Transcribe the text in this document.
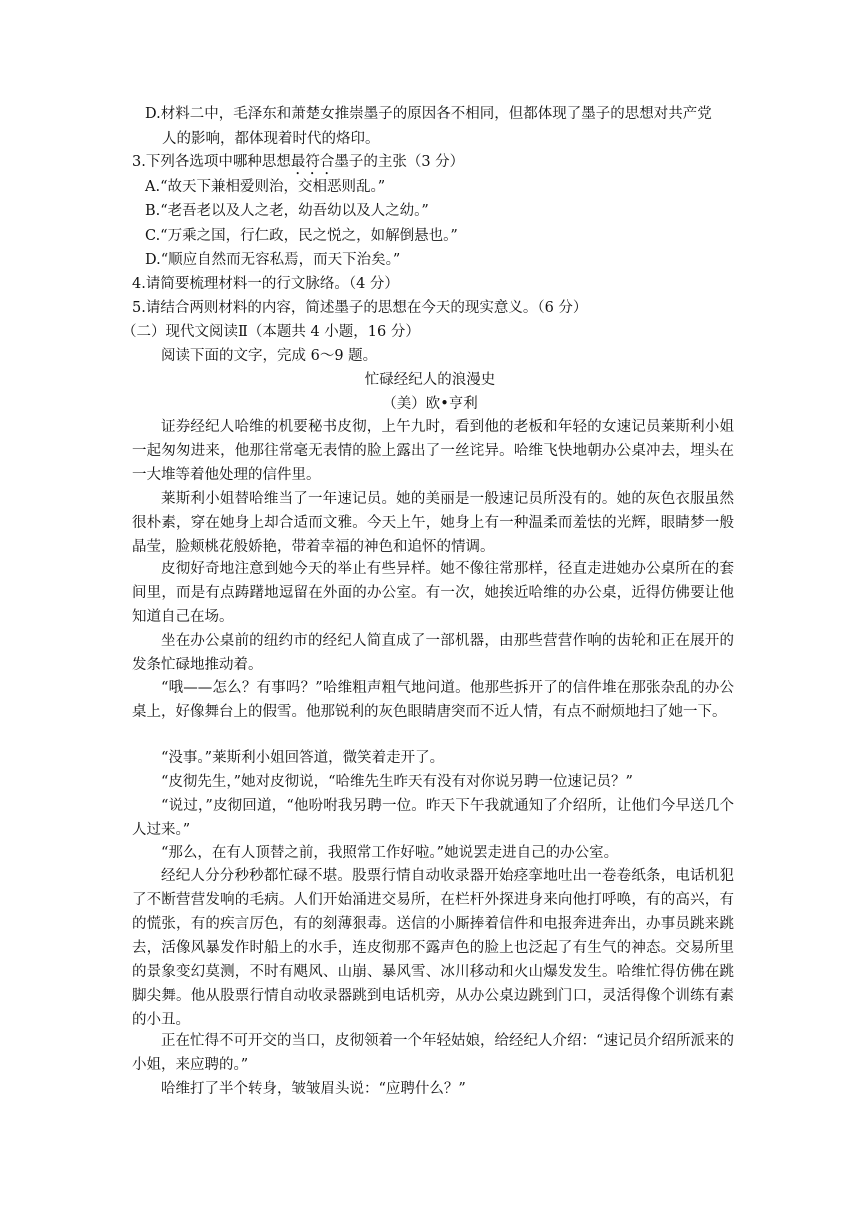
D.材料二中，毛泽东和萧楚女推崇墨子的原因各不相同，但都体现了墨子的思想对共产党
人的影响，都体现着时代的烙印。
3.下列各选项中哪种思想最符合墨子的主张（3 分）
A.“故天下兼相爱则治，交相恶则乱。”
B.“老吾老以及人之老，幼吾幼以及人之幼。”
C.“万乘之国，行仁政，民之悦之，如解倒悬也。”
D.“顺应自然而无容私焉，而天下治矣。”
4.请简要梳理材料一的行文脉络。（4 分）
5.请结合两则材料的内容，简述墨子的思想在今天的现实意义。（6 分）
（二）现代文阅读Ⅱ（本题共 4 小题，16 分）
阅读下面的文字，完成 6～9 题。
忙碌经纪人的浪漫史
（美）欧•亨利
证券经纪人哈维的机要秘书皮彻，上午九时，看到他的老板和年轻的女速记员莱斯利小姐一起匆匆进来，他那往常毫无表情的脸上露出了一丝诧异。哈维飞快地朝办公桌冲去，埋头在一大堆等着他处理的信件里。
莱斯利小姐替哈维当了一年速记员。她的美丽是一般速记员所没有的。她的灰色衣服虽然很朴素，穿在她身上却合适而文雅。今天上午，她身上有一种温柔而羞怯的光辉，眼睛梦一般晶莹，脸颊桃花般娇艳，带着幸福的神色和追怀的情调。
皮彻好奇地注意到她今天的举止有些异样。她不像往常那样，径直走进她办公桌所在的套间里，而是有点踌躇地逗留在外面的办公室。有一次，她挨近哈维的办公桌，近得仿佛要让他知道自己在场。
坐在办公桌前的纽约市的经纪人简直成了一部机器，由那些营营作响的齿轮和正在展开的发条忙碌地推动着。
“哦——怎么？有事吗？”哈维粗声粗气地问道。他那些拆开了的信件堆在那张杂乱的办公桌上，好像舞台上的假雪。他那锐利的灰色眼睛唐突而不近人情，有点不耐烦地扫了她一下。
“没事。”莱斯利小姐回答道，微笑着走开了。
“皮彻先生，”她对皮彻说，“哈维先生昨天有没有对你说另聘一位速记员？”
“说过，”皮彻回道，“他吩咐我另聘一位。昨天下午我就通知了介绍所，让他们今早送几个人过来。”
“那么，在有人顶替之前，我照常工作好啦。”她说罢走进自己的办公室。
经纪人分分秒秒都忙碌不堪。股票行情自动收录器开始痉挛地吐出一卷卷纸条，电话机犯了不断营营发响的毛病。人们开始涌进交易所，在栏杆外探进身来向他打呼唤，有的高兴，有的慌张，有的疾言厉色，有的刻薄狠毒。送信的小厮捧着信件和电报奔进奔出，办事员跳来跳去，活像风暴发作时船上的水手，连皮彻那不露声色的脸上也泛起了有生气的神态。交易所里的景象变幻莫测，不时有飓风、山崩、暴风雪、冰川移动和火山爆发发生。哈维忙得仿佛在跳脚尖舞。他从股票行情自动收录器跳到电话机旁，从办公桌边跳到门口，灵活得像个训练有素的小丑。
正在忙得不可开交的当口，皮彻领着一个年轻姑娘，给经纪人介绍：“速记员介绍所派来的小姐，来应聘的。”
哈维打了半个转身，皱皱眉头说：“应聘什么？”
